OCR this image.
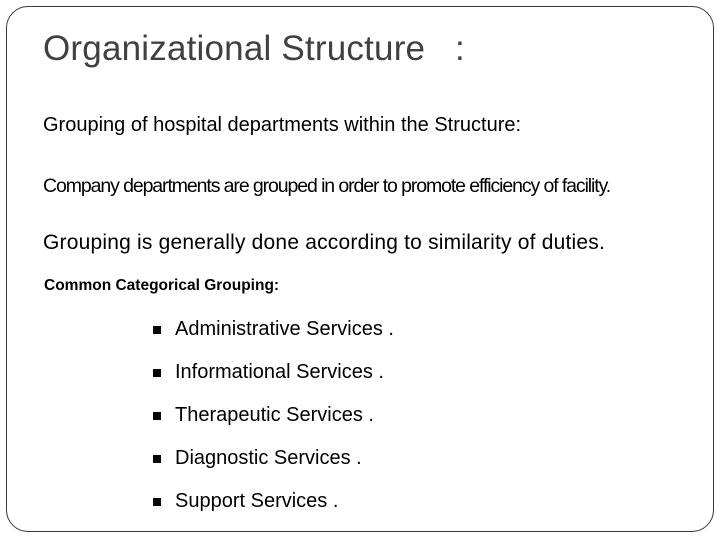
Organizational Structure   :
Grouping of hospital departments within the Structure:
Company departments are grouped in order to promote efficiency of facility.
Grouping is generally done according to similarity of duties.
Common Categorical Grouping:
Administrative Services .
Informational Services .
Therapeutic Services .
Diagnostic Services .
Support Services .
